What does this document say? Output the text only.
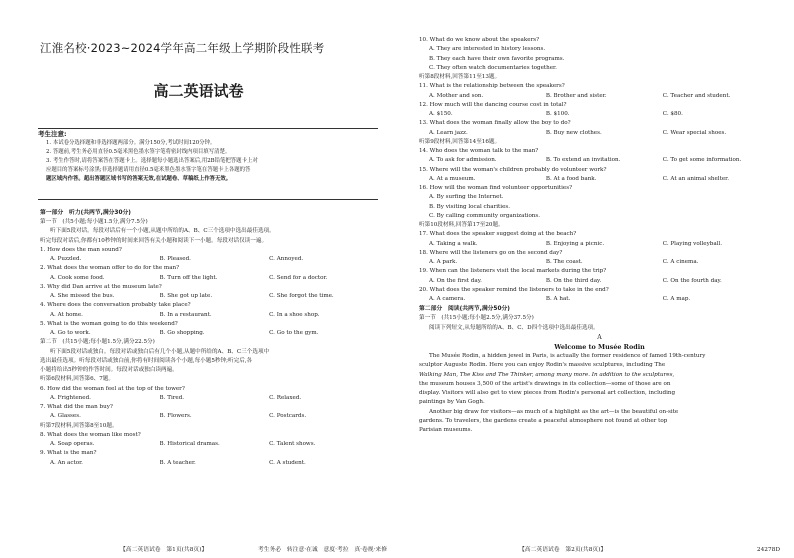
江淮名校·2023~2024学年高二年级上学期阶段性联考
高二英语试卷
考生注意:
1. 本试卷分选择题和非选择题两部分。满分150分,考试时间120分钟。
2. 答题前,考生务必用直径0.5毫米黑色墨水签字笔将密封线内项目填写清楚。
3. 考生作答时,请将答案答在答题卡上。选择题每小题选出答案后,用2B铅笔把答题卡上对
应题目的答案标号涂黑;非选择题请用直径0.5毫米黑色墨水签字笔在答题卡上各题的答
题区域内作答。超出答题区域书写的答案无效,在试题卷、草稿纸上作答无效。
第一部分　听力(共两节,满分30分)
第一节　(共5小题;每小题1.5分,满分7.5分)
听下面5段对话。每段对话后有一个小题,从题中所给的A、B、C三个选项中选出最佳选项。
听完每段对话后,你都有10秒钟的时间来回答有关小题和阅读下一小题。每段对话仅读一遍。
1. How does the man sound?
A. Puzzled.	B. Pleased.	C. Annoyed.
2. What does the woman offer to do for the man?
A. Cook some food.	B. Turn off the light.	C. Send for a doctor.
3. Why did Dan arrive at the museum late?
A. She missed the bus.	B. She got up late.	C. She forgot the time.
4. Where does the conversation probably take place?
A. At home.	B. In a restaurant.	C. In a shoe shop.
5. What is the woman going to do this weekend?
A. Go to work.	B. Go shopping.	C. Go to the gym.
第二节　(共15小题;每小题1.5分,满分22.5分)
听下面5段对话或独白。每段对话或独白后有几个小题,从题中所给的A、B、C三个选项中
选出最佳选项。听每段对话或独白前,你将有时间阅读各个小题,每小题5秒钟;听完后,各
小题将给出5秒钟的作答时间。每段对话或独白读两遍。
听第6段材料,回答第6、7题。
6. How did the woman feel at the top of the tower?
A. Frightened.	B. Tired.	C. Relaxed.
7. What did the man buy?
A. Glasses.	B. Flowers.	C. Postcards.
听第7段材料,回答第8至10题。
8. What does the woman like most?
A. Soap operas.	B. Historical dramas.	C. Talent shows.
9. What is the man?
A. An actor.	B. A teacher.	C. A student.
【高二英语试卷　第1页(共8页)】	考生务必　转注意·在诚　意度·考拉　真·卷规·来修
10. What do we know about the speakers?
A. They are interested in history lessons.
B. They each have their own favorite programs.
C. They often watch documentaries together.
听第8段材料,回答第11至13题。
11. What is the relationship between the speakers?
A. Mother and son.	B. Brother and sister.	C. Teacher and student.
12. How much will the dancing course cost in total?
A. $150.	B. $100.	C. $80.
13. What does the woman finally allow the boy to do?
A. Learn jazz.	B. Buy new clothes.	C. Wear special shoes.
听第9段材料,回答第14至16题。
14. Who does the woman talk to the man?
A. To ask for admission.	B. To extend an invitation.	C. To get some information.
15. Where will the woman's children probably do volunteer work?
A. At a museum.	B. At a food bank.	C. At an animal shelter.
16. How will the woman find volunteer opportunities?
A. By surfing the Internet.
B. By visiting local charities.
C. By calling community organizations.
听第10段材料,回答第17至20题。
17. What does the speaker suggest doing at the beach?
A. Taking a walk.	B. Enjoying a picnic.	C. Playing volleyball.
18. Where will the listeners go on the second day?
A. A park.	B. The coast.	C. A cinema.
19. When can the listeners visit the local markets during the trip?
A. On the first day.	B. On the third day.	C. On the fourth day.
20. What does the speaker remind the listeners to take in the end?
A. A camera.	B. A hat.	C. A map.
第二部分　阅读(共两节,满分50分)
第一节　(共15小题;每小题2.5分,满分37.5分)
阅读下列短文,从每题所给的A、B、C、D四个选项中选出最佳选项。
A
Welcome to Musée Rodin
The Musée Rodin, a hidden jewel in Paris, is actually the former residence of famed 19th-century
sculptor Auguste Rodin. Here you can enjoy Rodin's massive sculptures, including The
Walking Man, The Kiss and The Thinker, among many more. In addition to the sculptures,
the museum houses 3,500 of the artist's drawings in its collection—some of those are on
display. Visitors will also get to view pieces from Rodin's personal art collection, including
paintings by Van Gogh.
Another big draw for visitors—as much of a highlight as the art—is the beautiful on-site
gardens. To travelers, the gardens create a peaceful atmosphere not found at other top
Parisian museums.
【高二英语试卷　第2页(共8页)】	24278D
